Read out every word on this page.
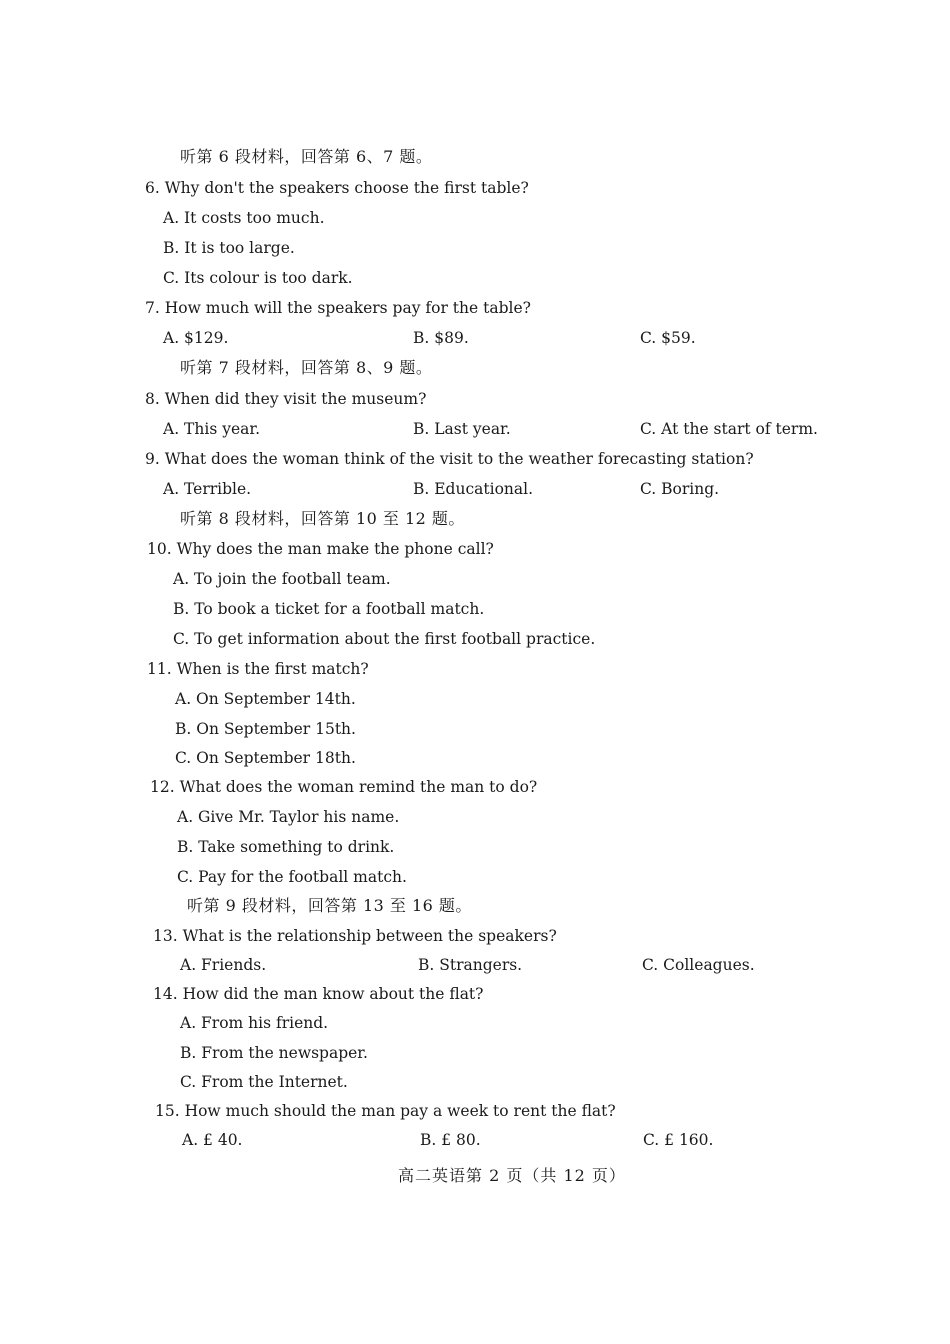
听第 6 段材料，回答第 6、7 题。
6. Why don't the speakers choose the first table?
A. It costs too much.
B. It is too large.
C. Its colour is too dark.
7. How much will the speakers pay for the table?
A. $129.	B. $89.	C. $59.
听第 7 段材料，回答第 8、9 题。
8. When did they visit the museum?
A. This year.	B. Last year.	C. At the start of term.
9. What does the woman think of the visit to the weather forecasting station?
A. Terrible.	B. Educational.	C. Boring.
听第 8 段材料，回答第 10 至 12 题。
10. Why does the man make the phone call?
A. To join the football team.
B. To book a ticket for a football match.
C. To get information about the first football practice.
11. When is the first match?
A. On September 14th.
B. On September 15th.
C. On September 18th.
12. What does the woman remind the man to do?
A. Give Mr. Taylor his name.
B. Take something to drink.
C. Pay for the football match.
听第 9 段材料，回答第 13 至 16 题。
13. What is the relationship between the speakers?
A. Friends.	B. Strangers.	C. Colleagues.
14. How did the man know about the flat?
A. From his friend.
B. From the newspaper.
C. From the Internet.
15. How much should the man pay a week to rent the flat?
A. £ 40.	B. £ 80.	C. £ 160.
高二英语第 2 页（共 12 页）
